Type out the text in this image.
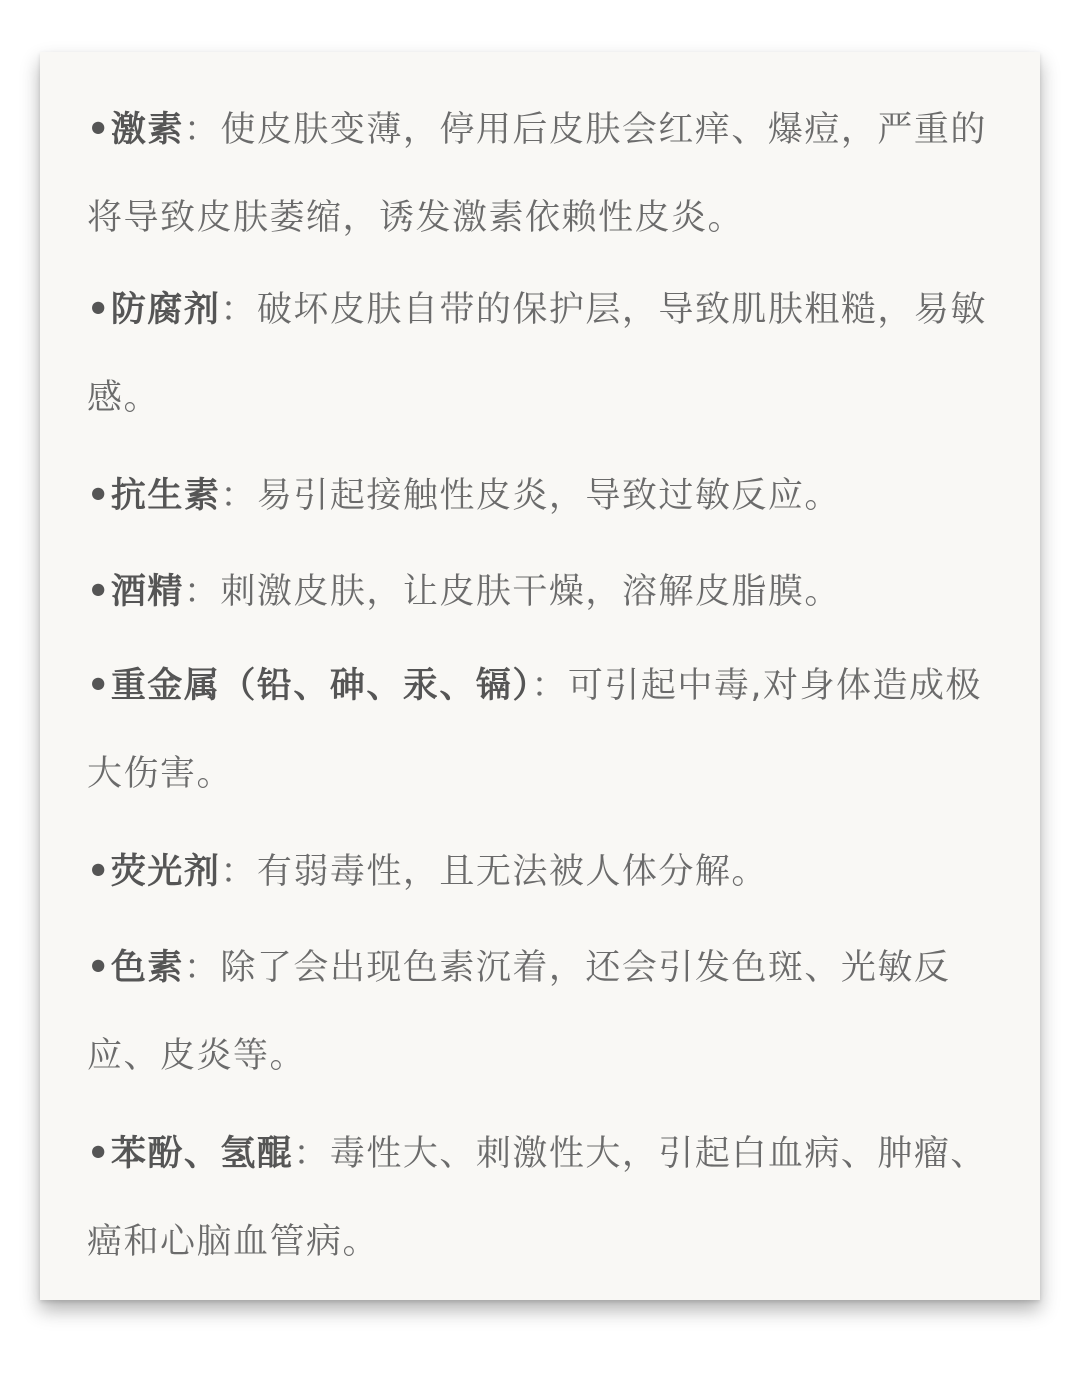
•激素：使皮肤变薄，停用后皮肤会红痒、爆痘，严重的将导致皮肤萎缩，诱发激素依赖性皮炎。

•防腐剂：破坏皮肤自带的保护层，导致肌肤粗糙，易敏感。

•抗生素：易引起接触性皮炎，导致过敏反应。

•酒精：刺激皮肤，让皮肤干燥，溶解皮脂膜。

•重金属（铅、砷、汞、镉）：可引起中毒,对身体造成极大伤害。

•荧光剂：有弱毒性，且无法被人体分解。

•色素：除了会出现色素沉着，还会引发色斑、光敏反应、皮炎等。

•苯酚、氢醌：毒性大、刺激性大，引起白血病、肿瘤、癌和心脑血管病。
